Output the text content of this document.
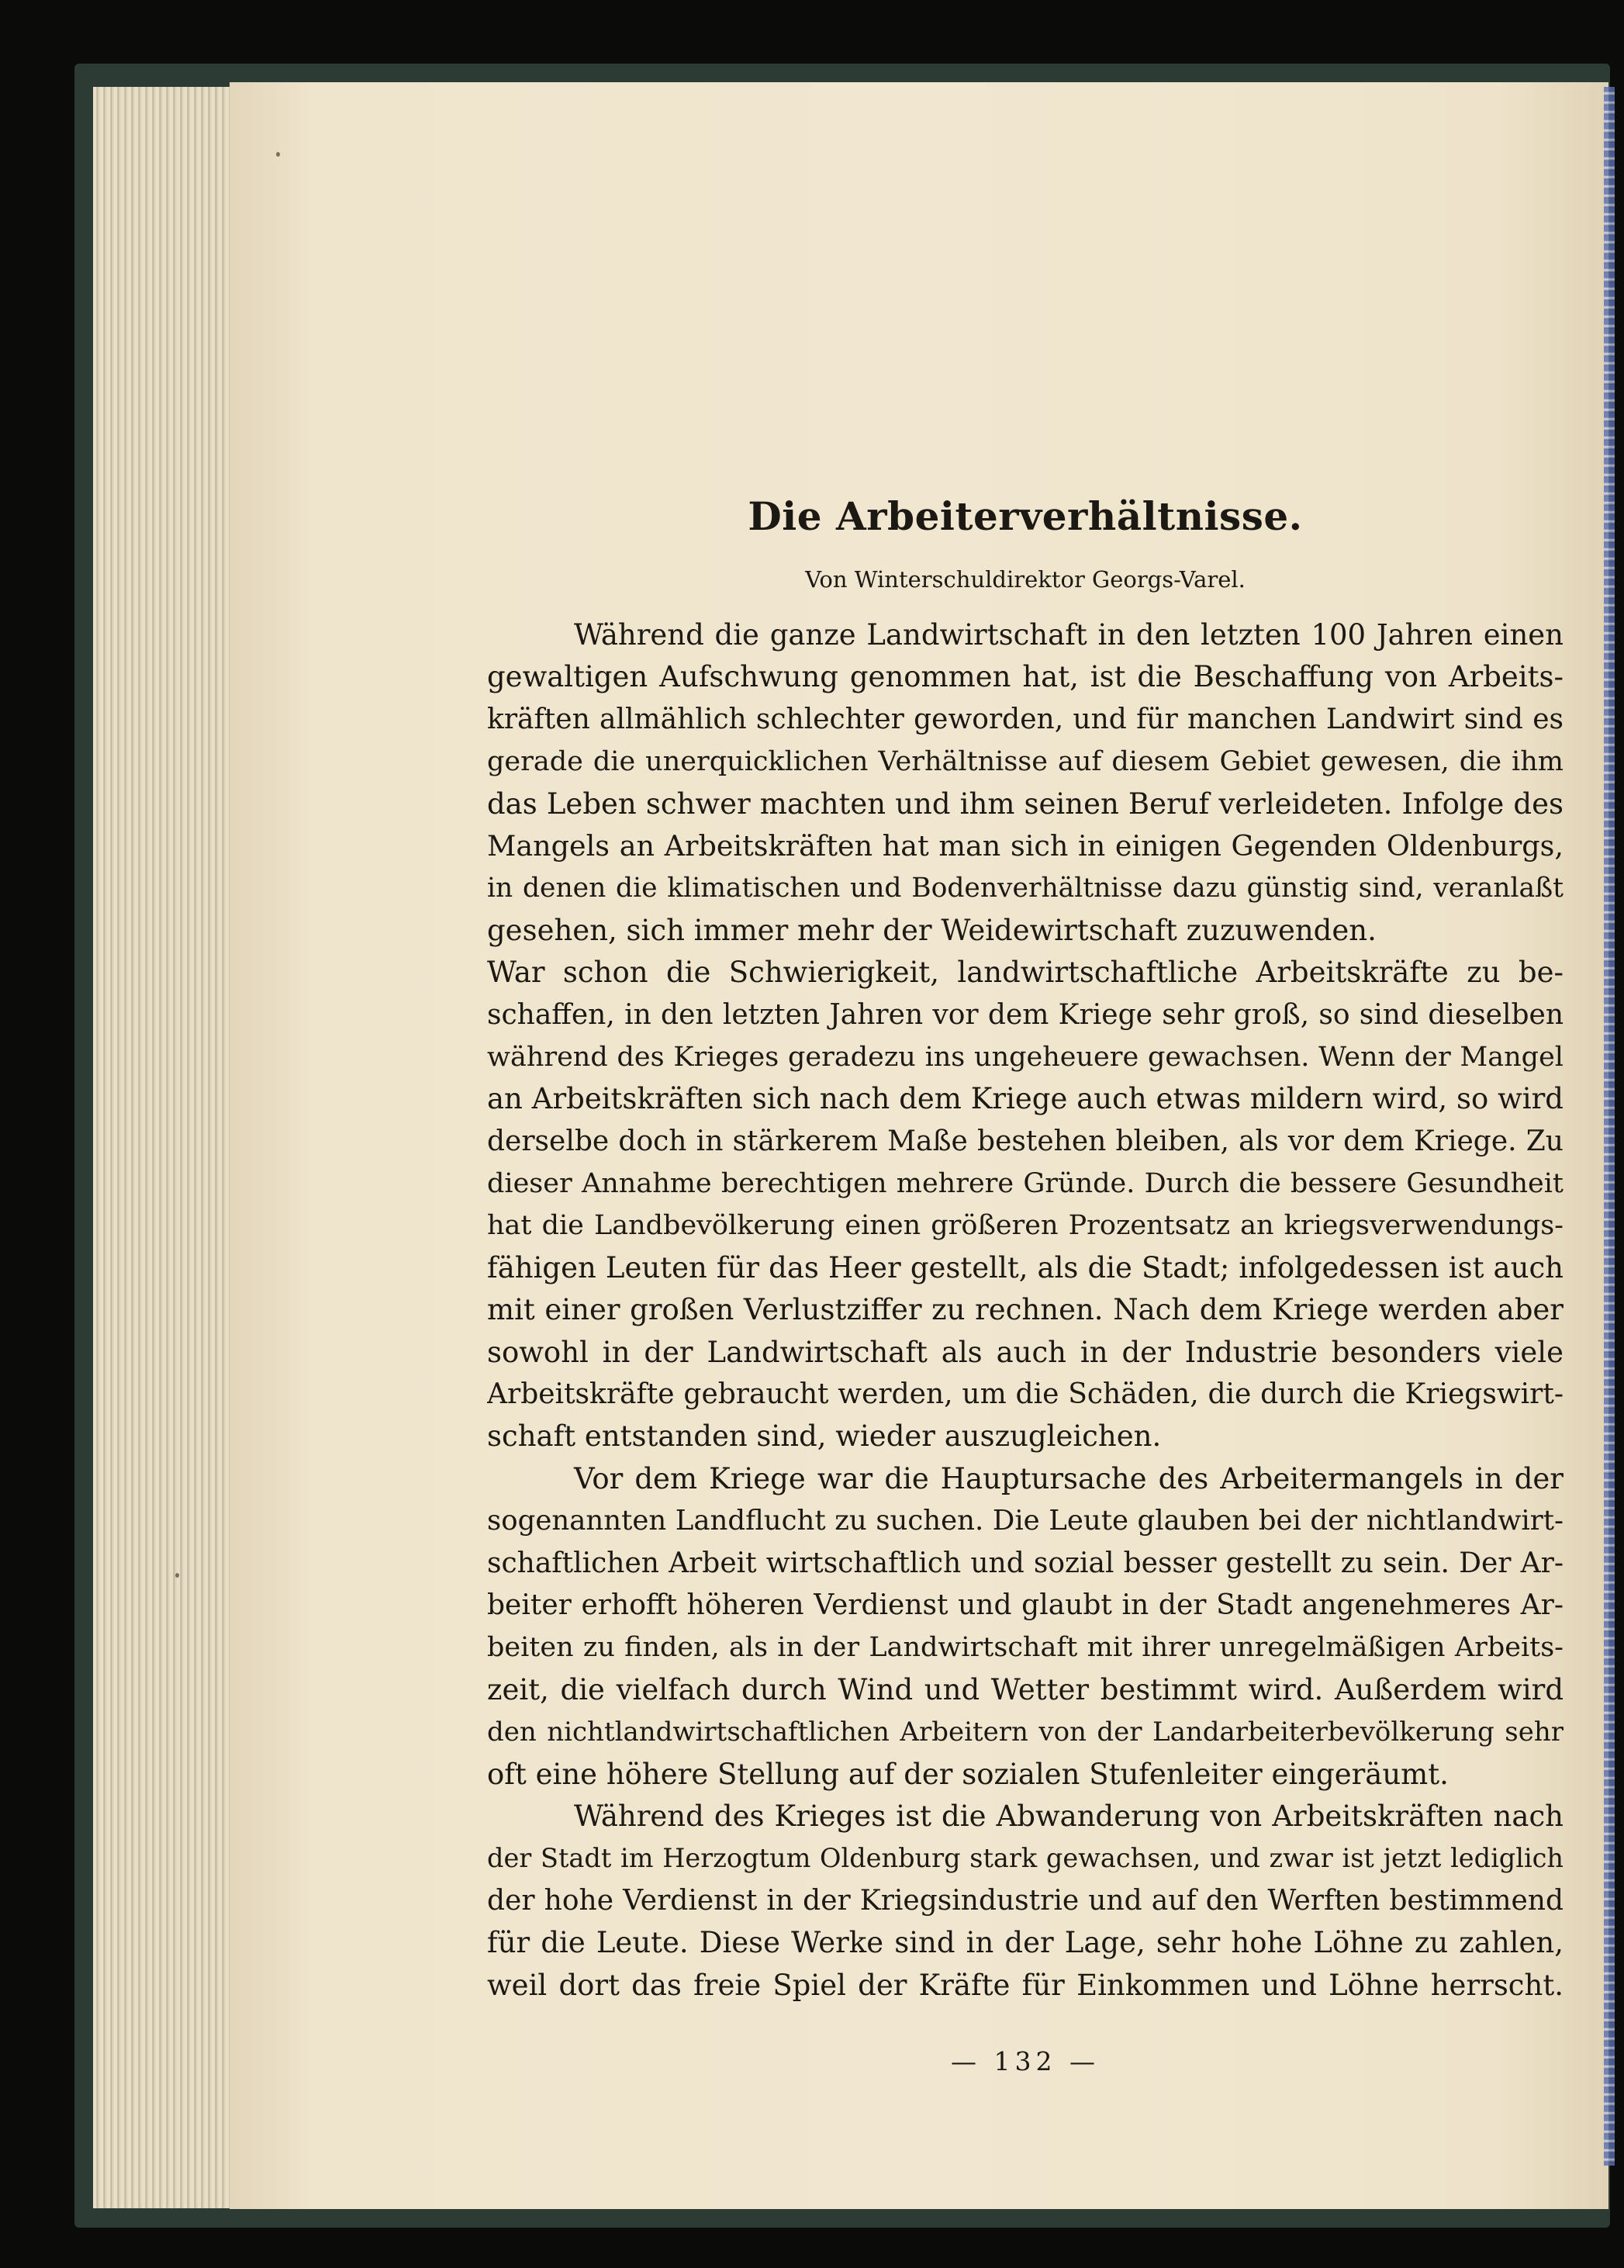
Die Arbeiterverhältnisse.
Von Winterschuldirektor Georgs-Varel.
Während die ganze Landwirtschaft in den letzten 100 Jahren einen
gewaltigen Aufschwung genommen hat, ist die Beschaffung von Arbeits-
kräften allmählich schlechter geworden, und für manchen Landwirt sind es
gerade die unerquicklichen Verhältnisse auf diesem Gebiet gewesen, die ihm
das Leben schwer machten und ihm seinen Beruf verleideten. Infolge des
Mangels an Arbeitskräften hat man sich in einigen Gegenden Oldenburgs,
in denen die klimatischen und Bodenverhältnisse dazu günstig sind, veranlaßt
gesehen, sich immer mehr der Weidewirtschaft zuzuwenden.
War schon die Schwierigkeit, landwirtschaftliche Arbeitskräfte zu be-
schaffen, in den letzten Jahren vor dem Kriege sehr groß, so sind dieselben
während des Krieges geradezu ins ungeheuere gewachsen. Wenn der Mangel
an Arbeitskräften sich nach dem Kriege auch etwas mildern wird, so wird
derselbe doch in stärkerem Maße bestehen bleiben, als vor dem Kriege. Zu
dieser Annahme berechtigen mehrere Gründe. Durch die bessere Gesundheit
hat die Landbevölkerung einen größeren Prozentsatz an kriegsverwendungs-
fähigen Leuten für das Heer gestellt, als die Stadt; infolgedessen ist auch
mit einer großen Verlustziffer zu rechnen. Nach dem Kriege werden aber
sowohl in der Landwirtschaft als auch in der Industrie besonders viele
Arbeitskräfte gebraucht werden, um die Schäden, die durch die Kriegswirt-
schaft entstanden sind, wieder auszugleichen.
Vor dem Kriege war die Hauptursache des Arbeitermangels in der
sogenannten Landflucht zu suchen. Die Leute glauben bei der nichtlandwirt-
schaftlichen Arbeit wirtschaftlich und sozial besser gestellt zu sein. Der Ar-
beiter erhofft höheren Verdienst und glaubt in der Stadt angenehmeres Ar-
beiten zu finden, als in der Landwirtschaft mit ihrer unregelmäßigen Arbeits-
zeit, die vielfach durch Wind und Wetter bestimmt wird. Außerdem wird
den nichtlandwirtschaftlichen Arbeitern von der Landarbeiterbevölkerung sehr
oft eine höhere Stellung auf der sozialen Stufenleiter eingeräumt.
Während des Krieges ist die Abwanderung von Arbeitskräften nach
der Stadt im Herzogtum Oldenburg stark gewachsen, und zwar ist jetzt lediglich
der hohe Verdienst in der Kriegsindustrie und auf den Werften bestimmend
für die Leute. Diese Werke sind in der Lage, sehr hohe Löhne zu zahlen,
weil dort das freie Spiel der Kräfte für Einkommen und Löhne herrscht.
— 132 —
